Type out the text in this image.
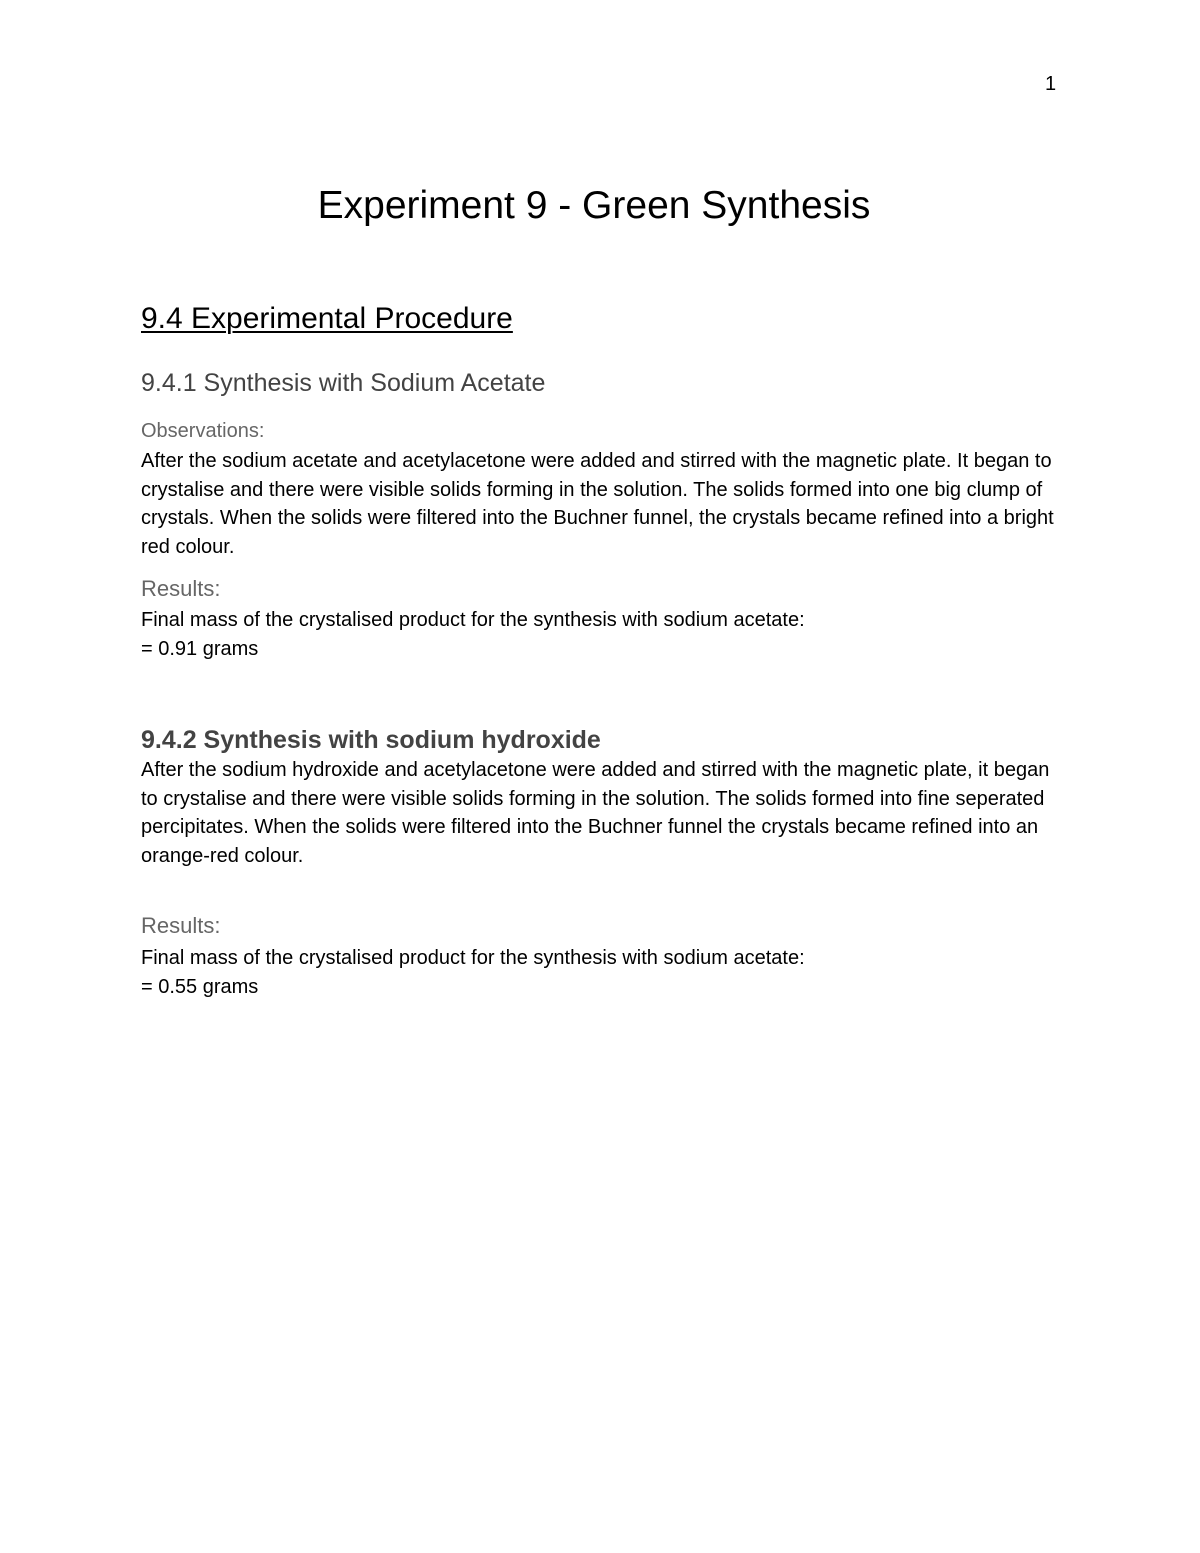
1
Experiment 9 - Green Synthesis
9.4 Experimental Procedure
9.4.1 Synthesis with Sodium Acetate
Observations:

After the sodium acetate and acetylacetone were added and stirred with the magnetic plate. It began to crystalise and there were visible solids forming in the solution. The solids formed into one big clump of crystals. When the solids were filtered into the Buchner funnel, the crystals became refined into a bright red colour.

Results:

Final mass of the crystalised product for the synthesis with sodium acetate:

= 0.91 grams

9.4.2 Synthesis with sodium hydroxide

After the sodium hydroxide and acetylacetone were added and stirred with the magnetic plate, it began to crystalise and there were visible solids forming in the solution. The solids formed into fine seperated percipitates. When the solids were filtered into the Buchner funnel the crystals became refined into an orange-red colour.

Results:

Final mass of the crystalised product for the synthesis with sodium acetate:

= 0.55 grams
